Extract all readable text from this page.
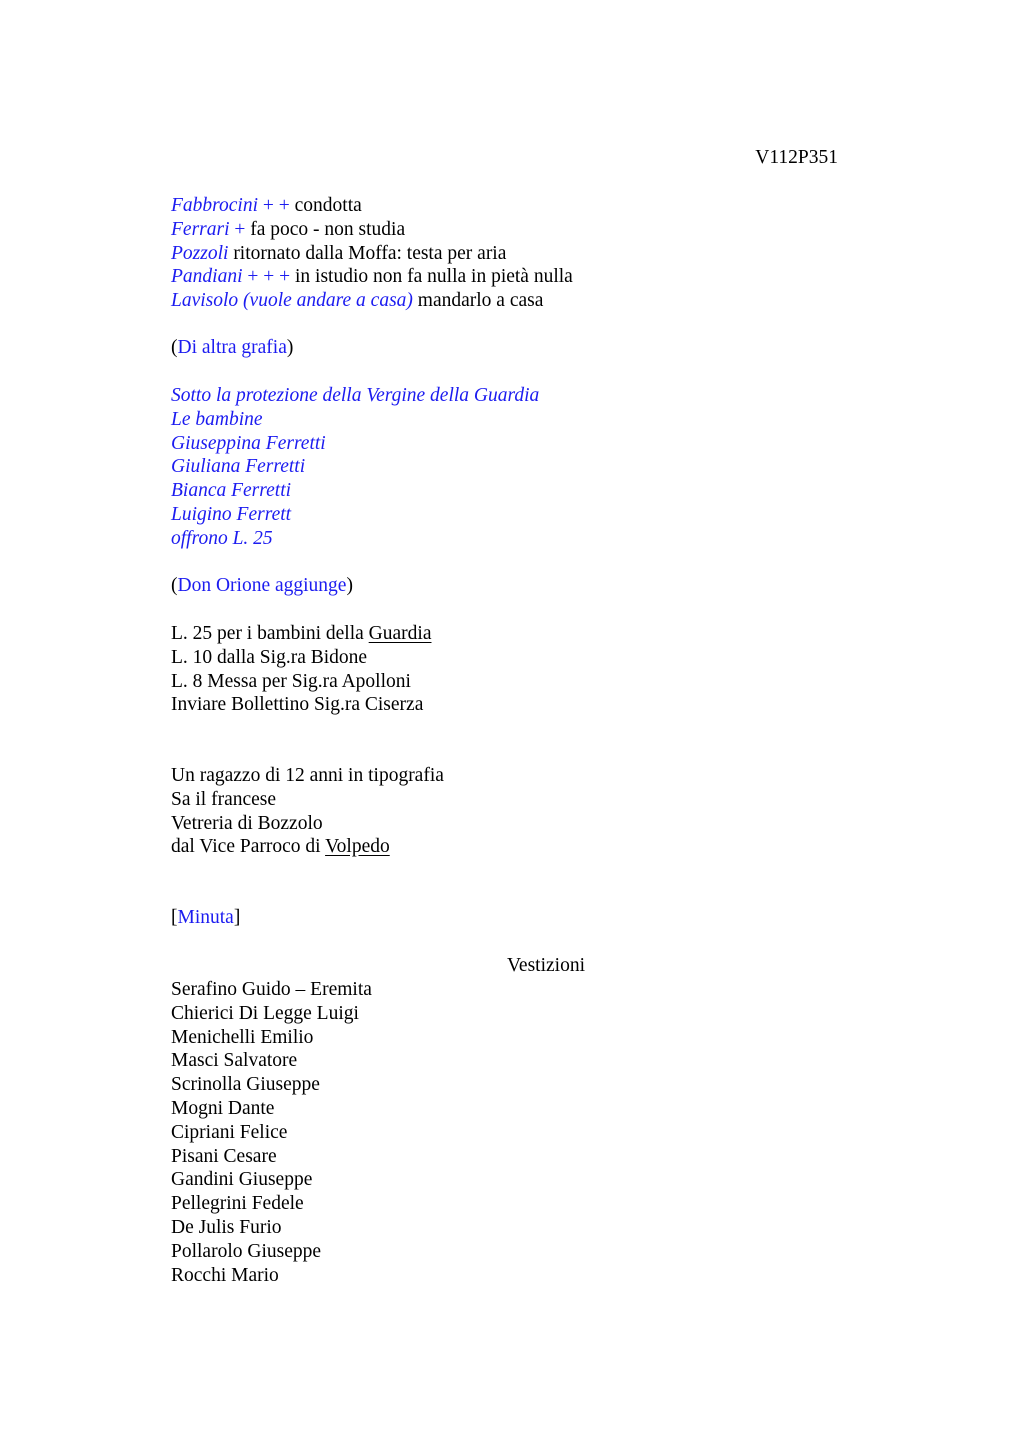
V112P351
Fabbrocini + + condotta
Ferrari + fa poco - non studia
Pozzoli ritornato dalla Moffa: testa per aria
Pandiani + + + in istudio non fa nulla in pietà nulla
Lavisolo (vuole andare a casa) mandarlo a casa
(Di altra grafia)
Sotto la protezione della Vergine della Guardia
Le bambine
Giuseppina Ferretti
Giuliana Ferretti
Bianca Ferretti
Luigino Ferrett
offrono L. 25
(Don Orione aggiunge)
L. 25 per i bambini della Guardia
L. 10 dalla Sig.ra Bidone
L. 8 Messa per Sig.ra Apolloni
Inviare Bollettino Sig.ra Ciserza
Un ragazzo di 12 anni in tipografia
Sa il francese
Vetreria di Bozzolo
dal Vice Parroco di Volpedo
[Minuta]
Vestizioni
Serafino Guido – Eremita
Chierici Di Legge Luigi
Menichelli Emilio
Masci Salvatore
Scrinolla Giuseppe
Mogni Dante
Cipriani Felice
Pisani Cesare
Gandini Giuseppe
Pellegrini Fedele
De Julis Furio
Pollarolo Giuseppe
Rocchi Mario
